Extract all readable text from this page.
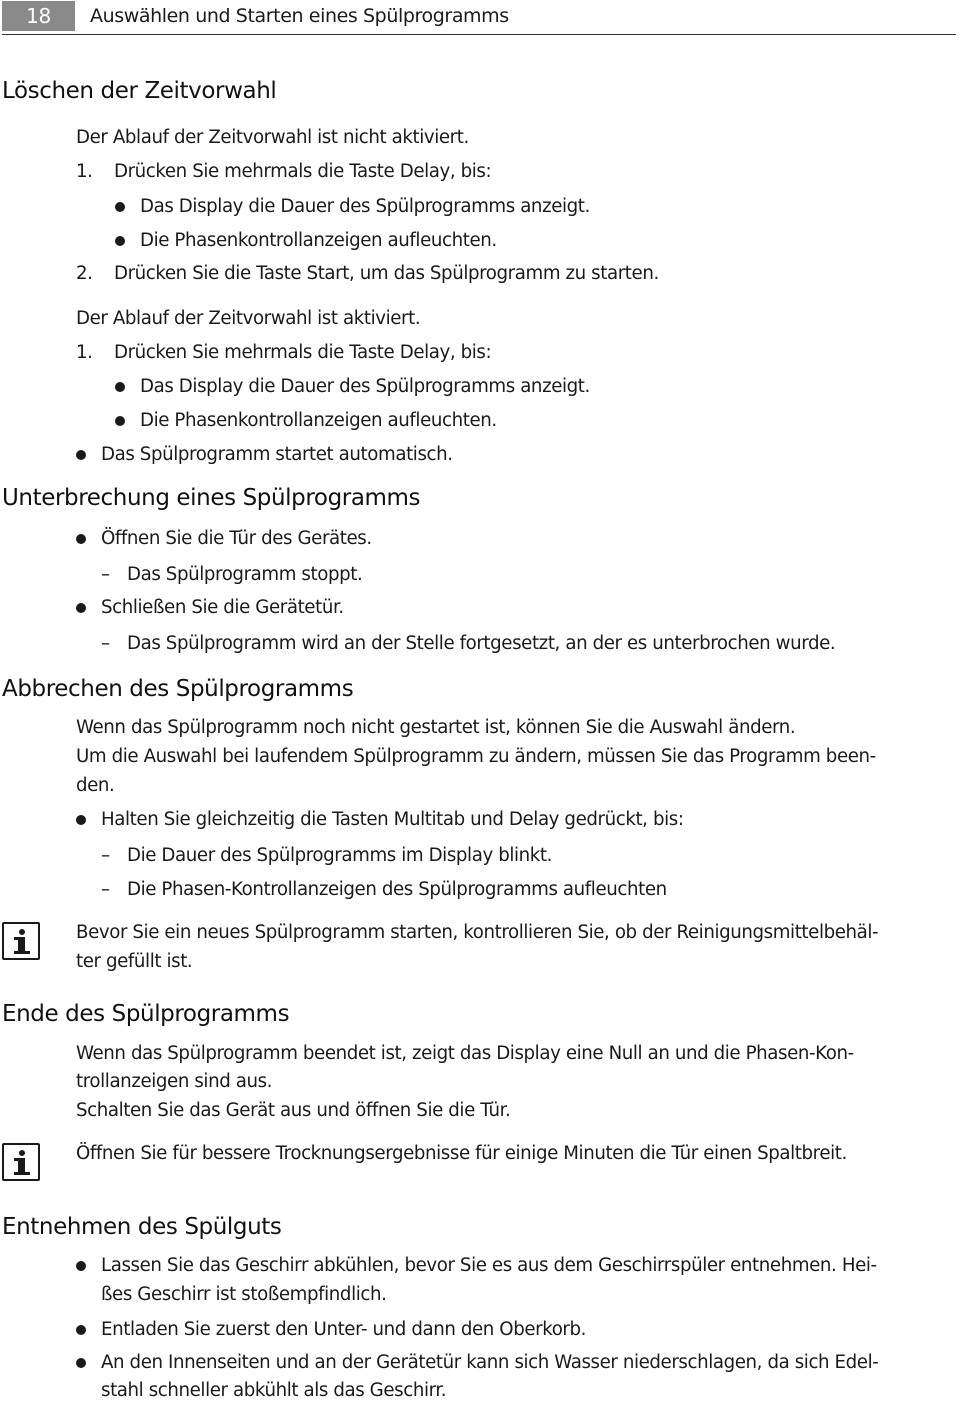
18	Auswählen und Starten eines Spülprogramms
Löschen der Zeitvorwahl
Der Ablauf der Zeitvorwahl ist nicht aktiviert.
1. Drücken Sie mehrmals die Taste Delay, bis:
Das Display die Dauer des Spülprogramms anzeigt.
Die Phasenkontrollanzeigen aufleuchten.
2. Drücken Sie die Taste Start, um das Spülprogramm zu starten.
Der Ablauf der Zeitvorwahl ist aktiviert.
1. Drücken Sie mehrmals die Taste Delay, bis:
Das Display die Dauer des Spülprogramms anzeigt.
Die Phasenkontrollanzeigen aufleuchten.
Das Spülprogramm startet automatisch.
Unterbrechung eines Spülprogramms
Öffnen Sie die Tür des Gerätes.
– Das Spülprogramm stoppt.
Schließen Sie die Gerätetür.
– Das Spülprogramm wird an der Stelle fortgesetzt, an der es unterbrochen wurde.
Abbrechen des Spülprogramms
Wenn das Spülprogramm noch nicht gestartet ist, können Sie die Auswahl ändern.
Um die Auswahl bei laufendem Spülprogramm zu ändern, müssen Sie das Programm been-
den.
Halten Sie gleichzeitig die Tasten Multitab und Delay gedrückt, bis:
– Die Dauer des Spülprogramms im Display blinkt.
– Die Phasen-Kontrollanzeigen des Spülprogramms aufleuchten
Bevor Sie ein neues Spülprogramm starten, kontrollieren Sie, ob der Reinigungsmittelbehäl-
ter gefüllt ist.
Ende des Spülprogramms
Wenn das Spülprogramm beendet ist, zeigt das Display eine Null an und die Phasen-Kon-
trollanzeigen sind aus.
Schalten Sie das Gerät aus und öffnen Sie die Tür.
Öffnen Sie für bessere Trocknungsergebnisse für einige Minuten die Tür einen Spaltbreit.
Entnehmen des Spülguts
Lassen Sie das Geschirr abkühlen, bevor Sie es aus dem Geschirrspüler entnehmen. Hei-
ßes Geschirr ist stoßempfindlich.
Entladen Sie zuerst den Unter- und dann den Oberkorb.
An den Innenseiten und an der Gerätetür kann sich Wasser niederschlagen, da sich Edel-
stahl schneller abkühlt als das Geschirr.
